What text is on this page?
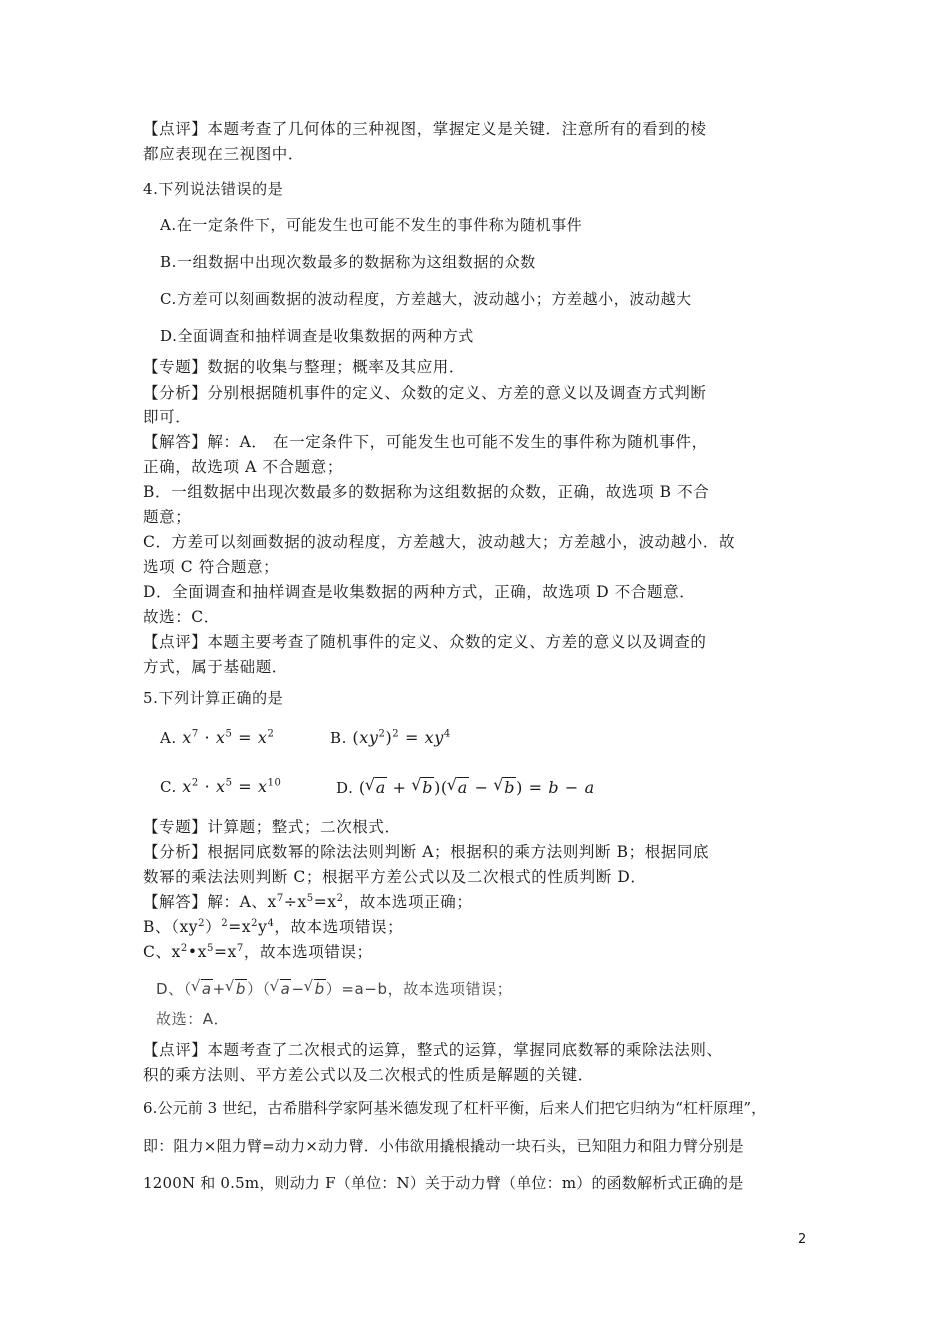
【点评】本题考查了几何体的三种视图，掌握定义是关键．注意所有的看到的棱
都应表现在三视图中．
4.下列说法错误的是
A.在一定条件下，可能发生也可能不发生的事件称为随机事件
B.一组数据中出现次数最多的数据称为这组数据的众数
C.方差可以刻画数据的波动程度，方差越大，波动越小；方差越小，波动越大
D.全面调查和抽样调查是收集数据的两种方式
【专题】数据的收集与整理；概率及其应用．
【分析】分别根据随机事件的定义、众数的定义、方差的意义以及调查方式判断
即可．
【解答】解：A． 在一定条件下，可能发生也可能不发生的事件称为随机事件，
正确，故选项 A 不合题意；
B．一组数据中出现次数最多的数据称为这组数据的众数，正确，故选项 B 不合
题意；
C．方差可以刻画数据的波动程度，方差越大，波动越大；方差越小，波动越小．故
选项 C 符合题意；
D．全面调查和抽样调查是收集数据的两种方式，正确，故选项 D 不合题意．
故选：C．
【点评】本题主要考查了随机事件的定义、众数的定义、方差的意义以及调查的
方式，属于基础题．
5.下列计算正确的是
A. $x^7 \cdot x^5 = x^2$	B. $(xy^2)^2 = xy^4$
C. $x^2 \cdot x^5 = x^{10}$	D. ( √ a + √ b)( √ a − √ b) = b − a
【专题】计算题；整式；二次根式．
【分析】根据同底数幂的除法法则判断 A；根据积的乘方法则判断 B；根据同底
数幂的乘法法则判断 C；根据平方差公式以及二次根式的性质判断 D．
【解答】解：A、$x^7\div x^5=x^2$，故本选项正确；
B、$(xy^2)^2=x^2y^4$，故本选项错误；
C、$x^2•x^5=x^7$，故本选项错误；
D、（ √ a+ √ b）（ √ a− √ b）=a−b，故本选项错误；
故选：A．
【点评】本题考查了二次根式的运算，整式的运算，掌握同底数幂的乘除法法则、
积的乘方法则、平方差公式以及二次根式的性质是解题的关键．
6.公元前 3 世纪，古希腊科学家阿基米德发现了杠杆平衡，后来人们把它归纳为“杠杆原理”，
即：阻力×阻力臂=动力×动力臂．小伟欲用撬根撬动一块石头，已知阻力和阻力臂分别是
1200N 和 0.5m，则动力 F（单位：N）关于动力臂（单位：m）的函数解析式正确的是
2
